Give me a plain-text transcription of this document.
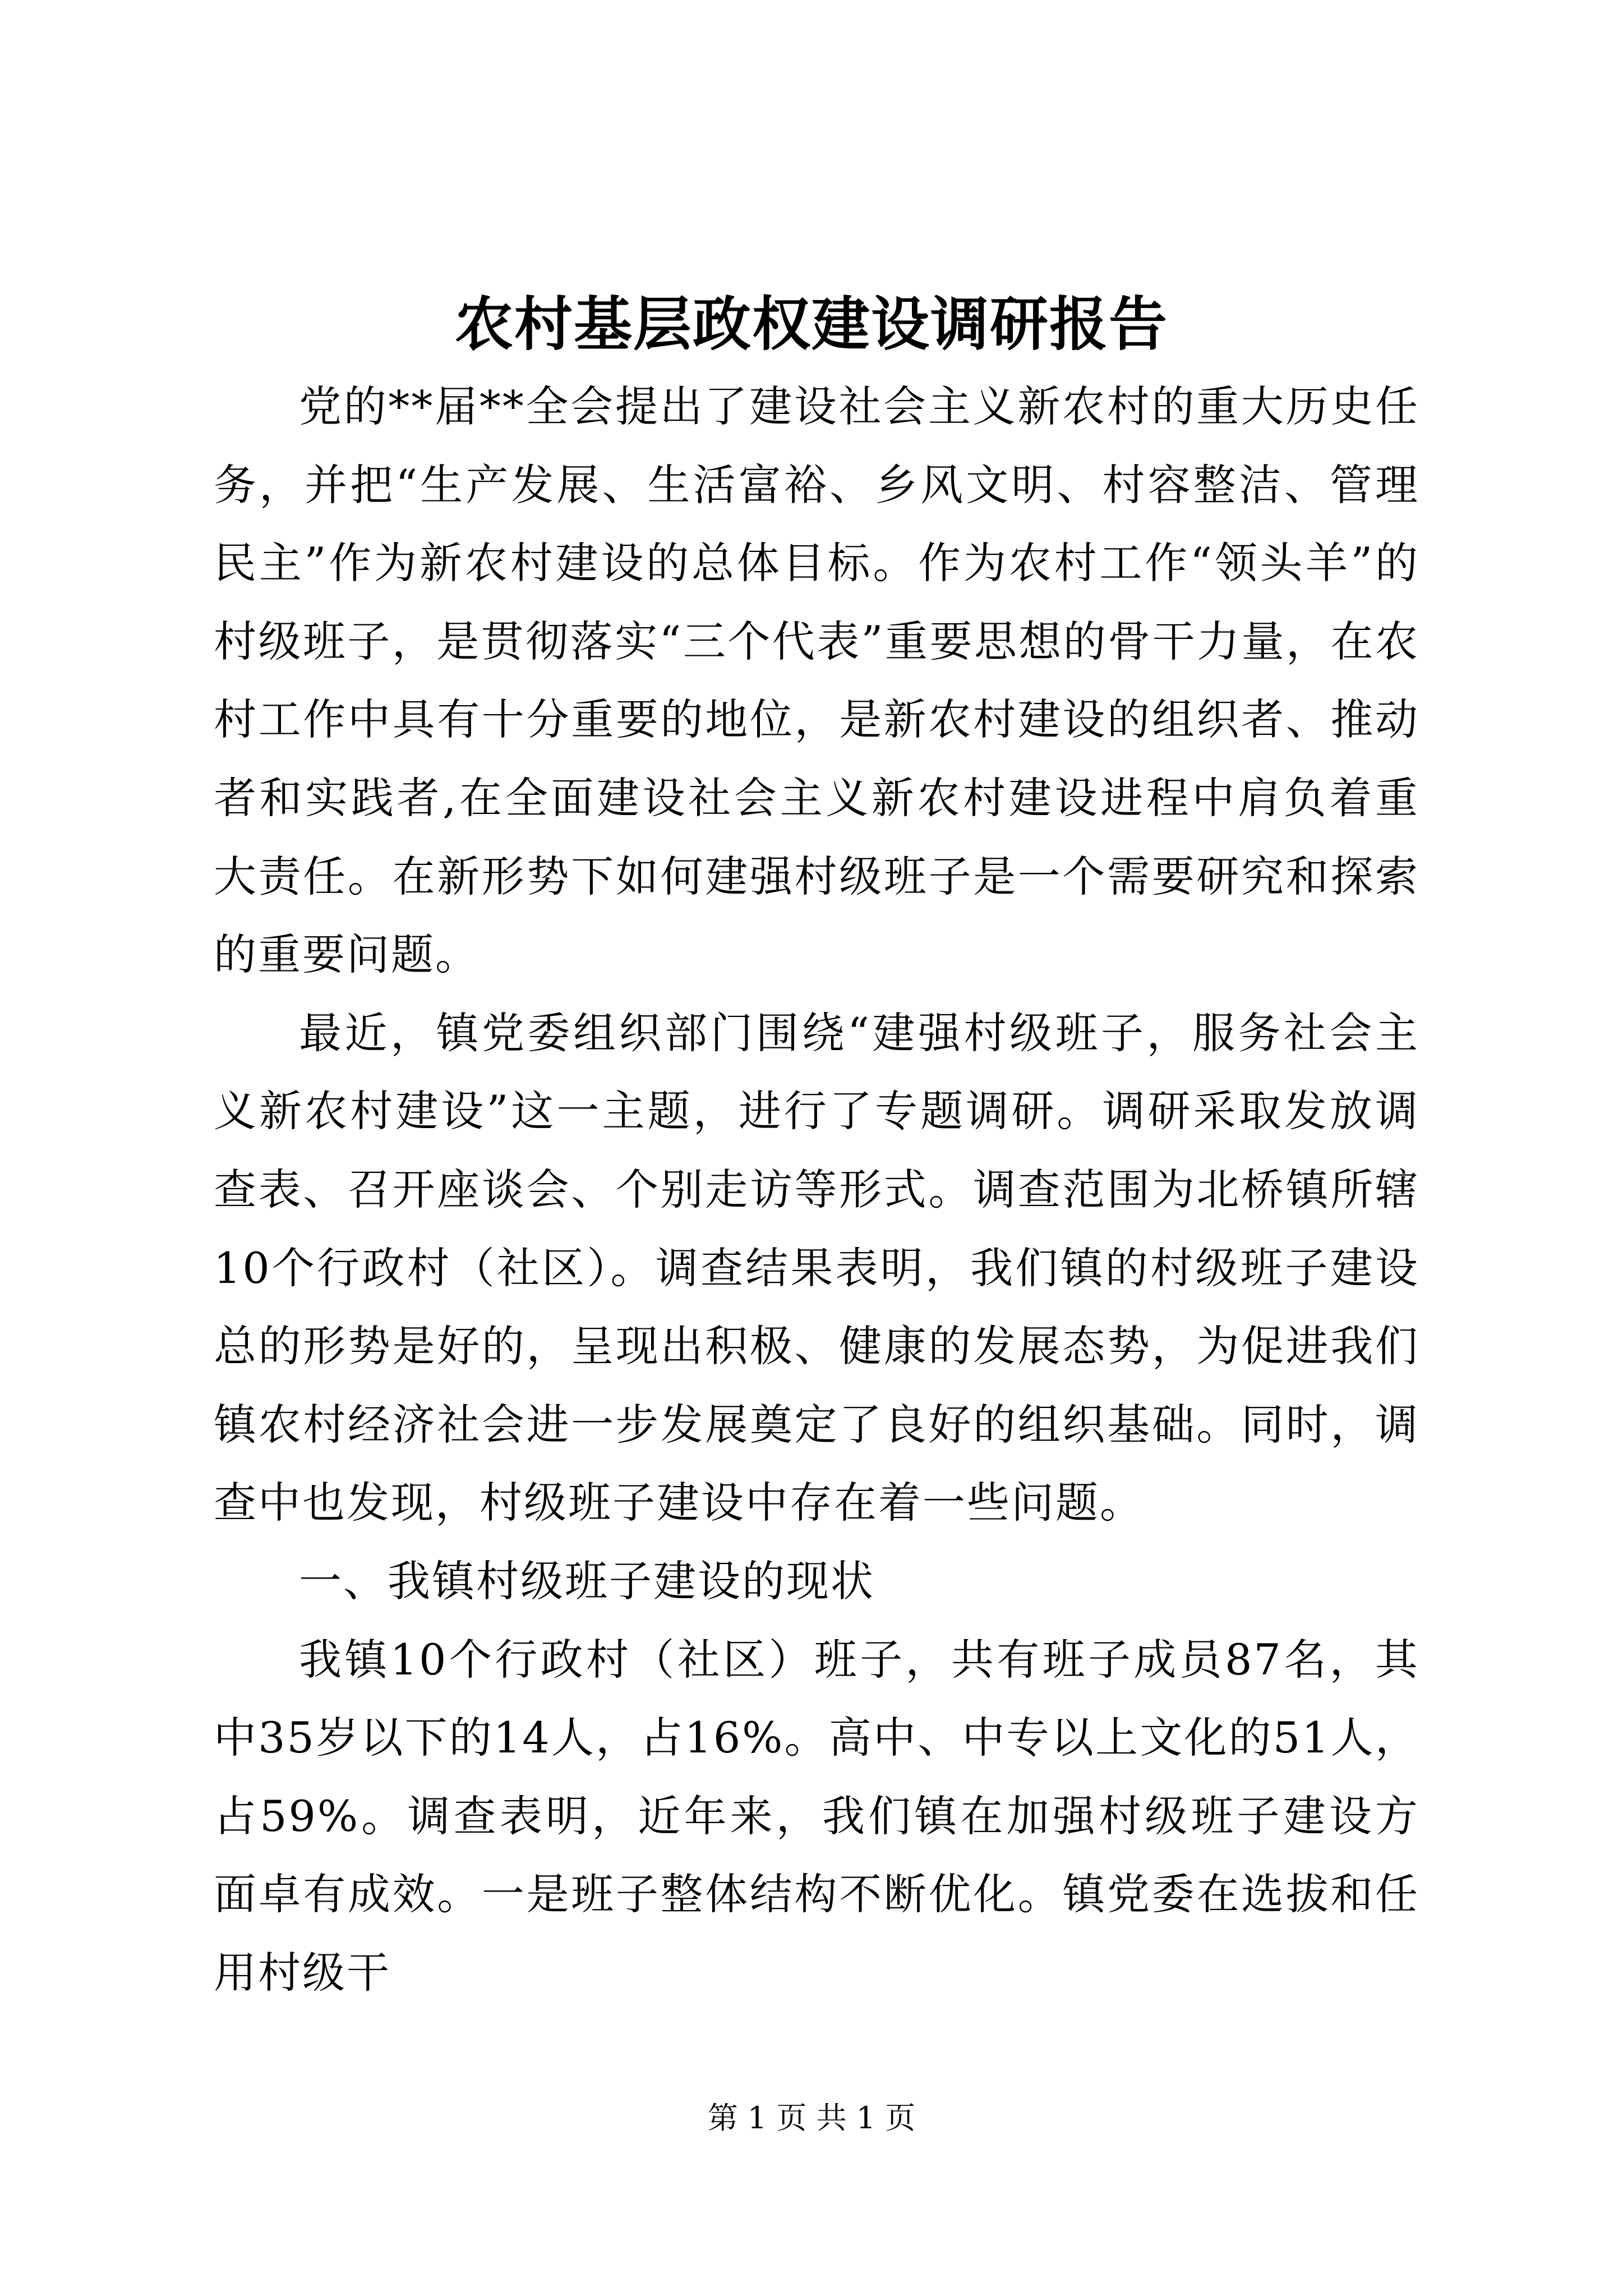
农村基层政权建设调研报告

党的**届**全会提出了建设社会主义新农村的重大历史任务，并把“生产发展、生活富裕、乡风文明、村容整洁、管理民主”作为新农村建设的总体目标。作为农村工作“领头羊”的村级班子，是贯彻落实“三个代表”重要思想的骨干力量，在农村工作中具有十分重要的地位，是新农村建设的组织者、推动者和实践者,在全面建设社会主义新农村建设进程中肩负着重大责任。在新形势下如何建强村级班子是一个需要研究和探索的重要问题。

最近，镇党委组织部门围绕“建强村级班子，服务社会主义新农村建设”这一主题，进行了专题调研。调研采取发放调查表、召开座谈会、个别走访等形式。调查范围为北桥镇所辖10个行政村（社区）。调查结果表明，我们镇的村级班子建设总的形势是好的，呈现出积极、健康的发展态势，为促进我们镇农村经济社会进一步发展奠定了良好的组织基础。同时，调查中也发现，村级班子建设中存在着一些问题。

一、我镇村级班子建设的现状

我镇10个行政村（社区）班子，共有班子成员87名，其中35岁以下的14人，占16%。高中、中专以上文化的51人，占59%。调查表明，近年来，我们镇在加强村级班子建设方面卓有成效。一是班子整体结构不断优化。镇党委在选拔和任用村级干

第 1 页 共 1 页
